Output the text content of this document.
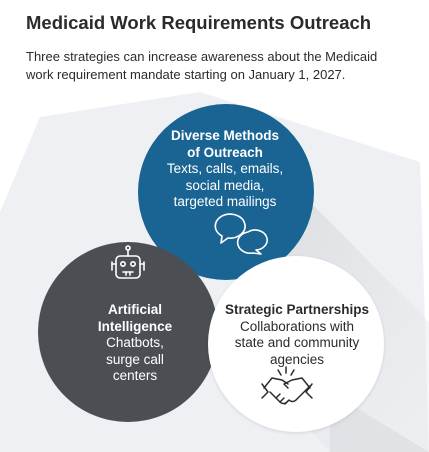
Medicaid Work Requirements Outreach
Three strategies can increase awareness about the Medicaid work requirement mandate starting on January 1, 2027.
Diverse Methods
of Outreach
Texts, calls, emails,
social media,
targeted mailings
Artificial
Intelligence
Chatbots,
surge call
centers
Strategic Partnerships
Collaborations with
state and community
agencies
